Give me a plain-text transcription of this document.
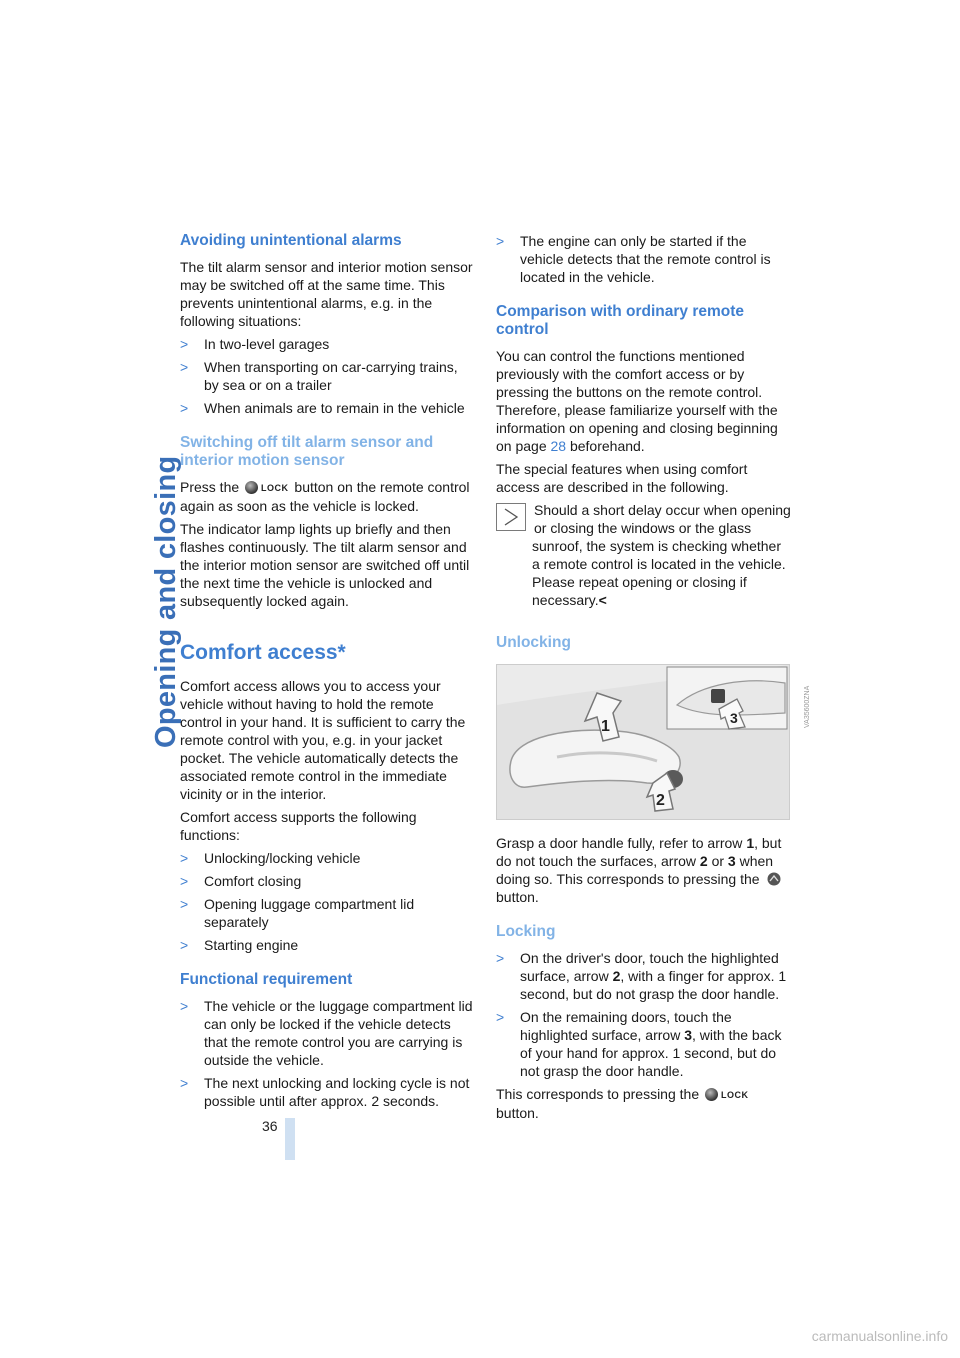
Opening and closing
Avoiding unintentional alarms

The tilt alarm sensor and interior motion sensor may be switched off at the same time. This prevents unintentional alarms, e.g. in the following situations:

> In two-level garages
> When transporting on car-carrying trains, by sea or on a trailer
> When animals are to remain in the vehicle
Switching off tilt alarm sensor and interior motion sensor

Press the LOCK button on the remote control again as soon as the vehicle is locked.

The indicator lamp lights up briefly and then flashes continuously. The tilt alarm sensor and the interior motion sensor are switched off until the next time the vehicle is unlocked and subsequently locked again.

Comfort access*

Comfort access allows you to access your vehicle without having to hold the remote control in your hand. It is sufficient to carry the remote control with you, e.g. in your jacket pocket. The vehicle automatically detects the associated remote control in the immediate vicinity or in the interior.

Comfort access supports the following functions:

> Unlocking/locking vehicle
> Comfort closing
> Opening luggage compartment lid separately
> Starting engine
Functional requirement
> The vehicle or the luggage compartment lid can only be locked if the vehicle detects that the remote control you are carrying is outside the vehicle.
> The next unlocking and locking cycle is not possible until after approx. 2 seconds.
> The engine can only be started if the vehicle detects that the remote control is located in the vehicle.
Comparison with ordinary remote control

You can control the functions mentioned previously with the comfort access or by pressing the buttons on the remote control. Therefore, please familiarize yourself with the information on opening and closing beginning on page 28 beforehand.

The special features when using comfort access are described in the following.

Should a short delay occur when opening or closing the windows or the glass sunroof, the system is checking whether a remote control is located in the vehicle. Please repeat opening or closing if necessary.<

Unlocking
1
2
3

Grasp a door handle fully, refer to arrow 1, but do not touch the surfaces, arrow 2 or 3 when doing so. This corresponds to pressing the
button.

Locking
> On the driver's door, touch the highlighted surface, arrow 2, with a finger for approx. 1 second, but do not grasp the door handle.
> On the remaining doors, touch the highlighted surface, arrow 3, with the back of your hand for approx. 1 second, but do not grasp the door handle.

This corresponds to pressing the LOCK
button.

VA35600ZNA
36
carmanualsonline.info
